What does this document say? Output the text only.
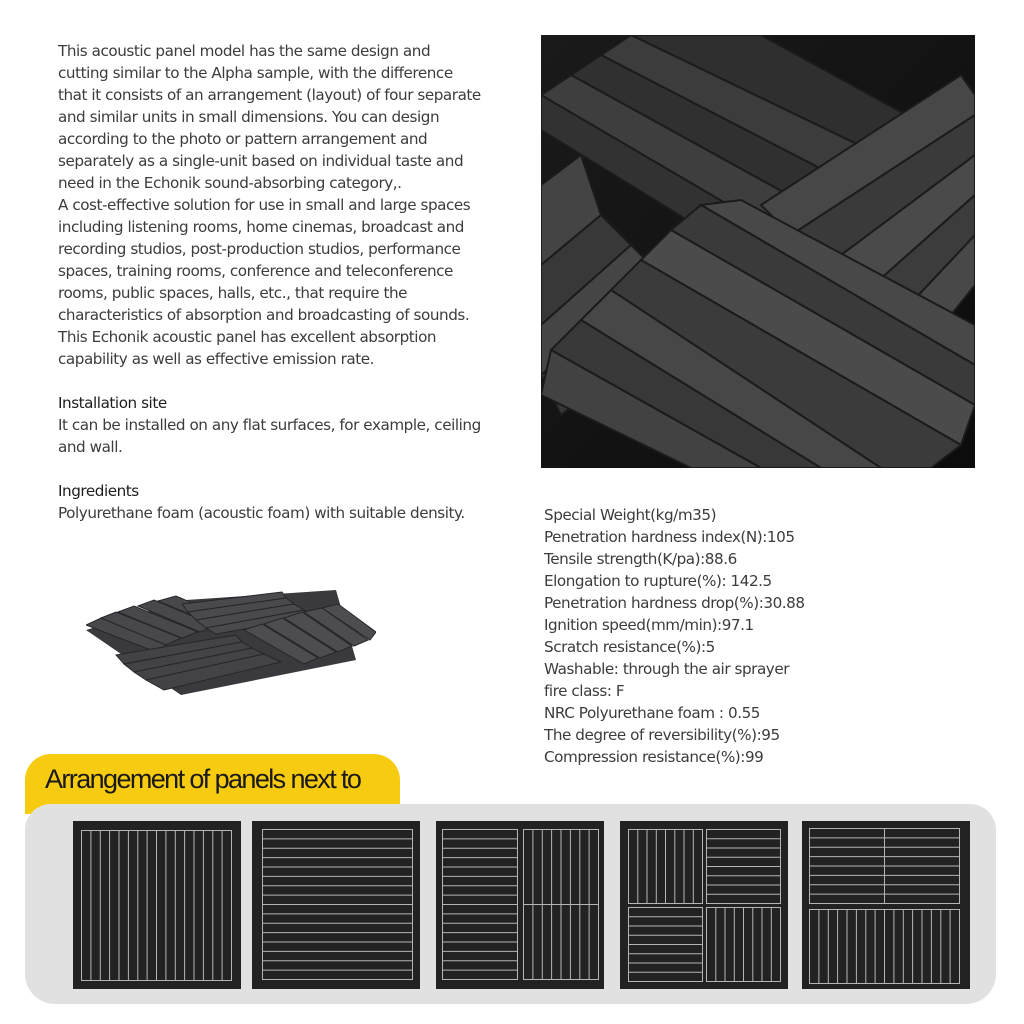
This acoustic panel model has the same design and
cutting similar to the Alpha sample, with the difference
that it consists of an arrangement (layout) of four separate
and similar units in small dimensions. You can design
according to the photo or pattern arrangement and
separately as a single-unit based on individual taste and
need in the Echonik sound-absorbing category,.
A cost-effective solution for use in small and large spaces
including listening rooms, home cinemas, broadcast and
recording studios, post-production studios, performance
spaces, training rooms, conference and teleconference
rooms, public spaces, halls, etc., that require the
characteristics of absorption and broadcasting of sounds.
This Echonik acoustic panel has excellent absorption
capability as well as effective emission rate.

Installation site

It can be installed on any flat surfaces, for example, ceiling
and wall.

Ingredients

Polyurethane foam (acoustic foam) with suitable density.	Special Weight(kg/m35)
Penetration hardness index(N):105
Tensile strength(K/pa):88.6
Elongation to rupture(%): 142.5
Penetration hardness drop(%):30.88
Ignition speed(mm/min):97.1
Scratch resistance(%):5
Washable: through the air sprayer
fire class: F
NRC Polyurethane foam : 0.55
The degree of reversibility(%):95
Compression resistance(%):99
Arrangement of panels next to
